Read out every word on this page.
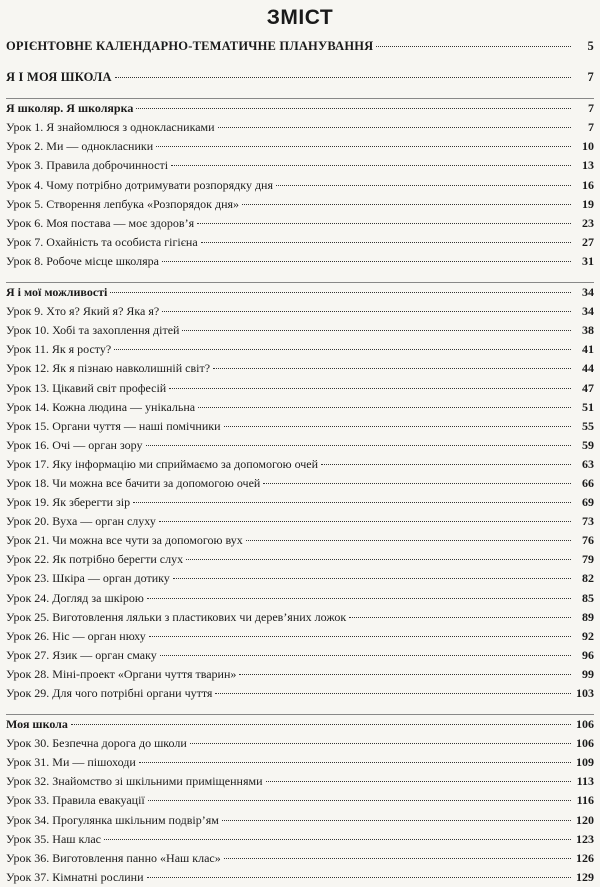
ЗМІСТ
ОРІЄНТОВНЕ КАЛЕНДАРНО-ТЕМАТИЧНЕ ПЛАНУВАННЯ	5
Я І МОЯ ШКОЛА	7
Я школяр. Я школярка	7
Урок 1. Я знайомлюся з однокласниками	7
Урок 2. Ми — однокласники	10
Урок 3. Правила доброчинності	13
Урок 4. Чому потрібно дотримувати розпорядку дня	16
Урок 5. Створення лепбука «Розпорядок дня»	19
Урок 6. Моя постава — моє здоров’я	23
Урок 7. Охайність та особиста гігієна	27
Урок 8. Робоче місце школяра	31
Я і мої можливості	34
Урок 9. Хто я? Який я? Яка я?	34
Урок 10. Хобі та захоплення дітей	38
Урок 11. Як я росту?	41
Урок 12. Як я пізнаю навколишній світ?	44
Урок 13. Цікавий світ професій	47
Урок 14. Кожна людина — унікальна	51
Урок 15. Органи чуття — наші помічники	55
Урок 16. Очі — орган зору	59
Урок 17. Яку інформацію ми сприймаємо за допомогою очей	63
Урок 18. Чи можна все бачити за допомогою очей	66
Урок 19. Як зберегти зір	69
Урок 20. Вуха — орган слуху	73
Урок 21. Чи можна все чути за допомогою вух	76
Урок 22. Як потрібно берегти слух	79
Урок 23. Шкіра — орган дотику	82
Урок 24. Догляд за шкірою	85
Урок 25. Виготовлення ляльки з пластикових чи дерев’яних ложок	89
Урок 26. Ніс — орган нюху	92
Урок 27. Язик — орган смаку	96
Урок 28. Міні-проект «Органи чуття тварин»	99
Урок 29. Для чого потрібні органи чуття	103
Моя школа	106
Урок 30. Безпечна дорога до школи	106
Урок 31. Ми — пішоходи	109
Урок 32. Знайомство зі шкільними приміщеннями	113
Урок 33. Правила евакуації	116
Урок 34. Прогулянка шкільним подвір’ям	120
Урок 35. Наш клас	123
Урок 36. Виготовлення панно «Наш клас»	126
Урок 37. Кімнатні рослини	129
